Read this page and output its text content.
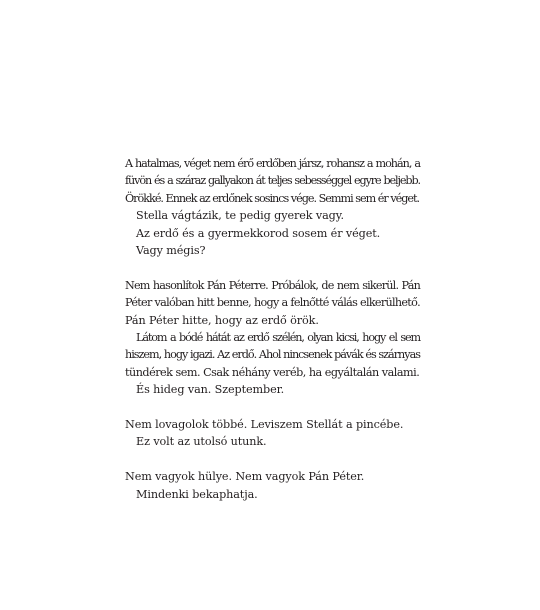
A hatalmas, véget nem érő erdőben jársz, rohansz a mohán, a
füvön és a száraz gallyakon át teljes sebességgel egyre beljebb.
Örökké. Ennek az erdőnek sosincs vége. Semmi sem ér véget.
Stella vágtázik, te pedig gyerek vagy.
Az erdő és a gyermekkorod sosem ér véget.
Vagy mégis?
Nem hasonlítok Pán Péterre. Próbálok, de nem sikerül. Pán
Péter valóban hitt benne, hogy a felnőtté válás elkerülhető.
Pán Péter hitte, hogy az erdő örök.
Látom a bódé hátát az erdő szélén, olyan kicsi, hogy el sem
hiszem, hogy igazi. Az erdő. Ahol nincsenek pávák és szárnyas
tündérek sem. Csak néhány veréb, ha egyáltalán valami.
És hideg van. Szeptember.
Nem lovagolok többé. Leviszem Stellát a pincébe.
Ez volt az utolsó utunk.
Nem vagyok hülye. Nem vagyok Pán Péter.
Mindenki bekaphatja.
